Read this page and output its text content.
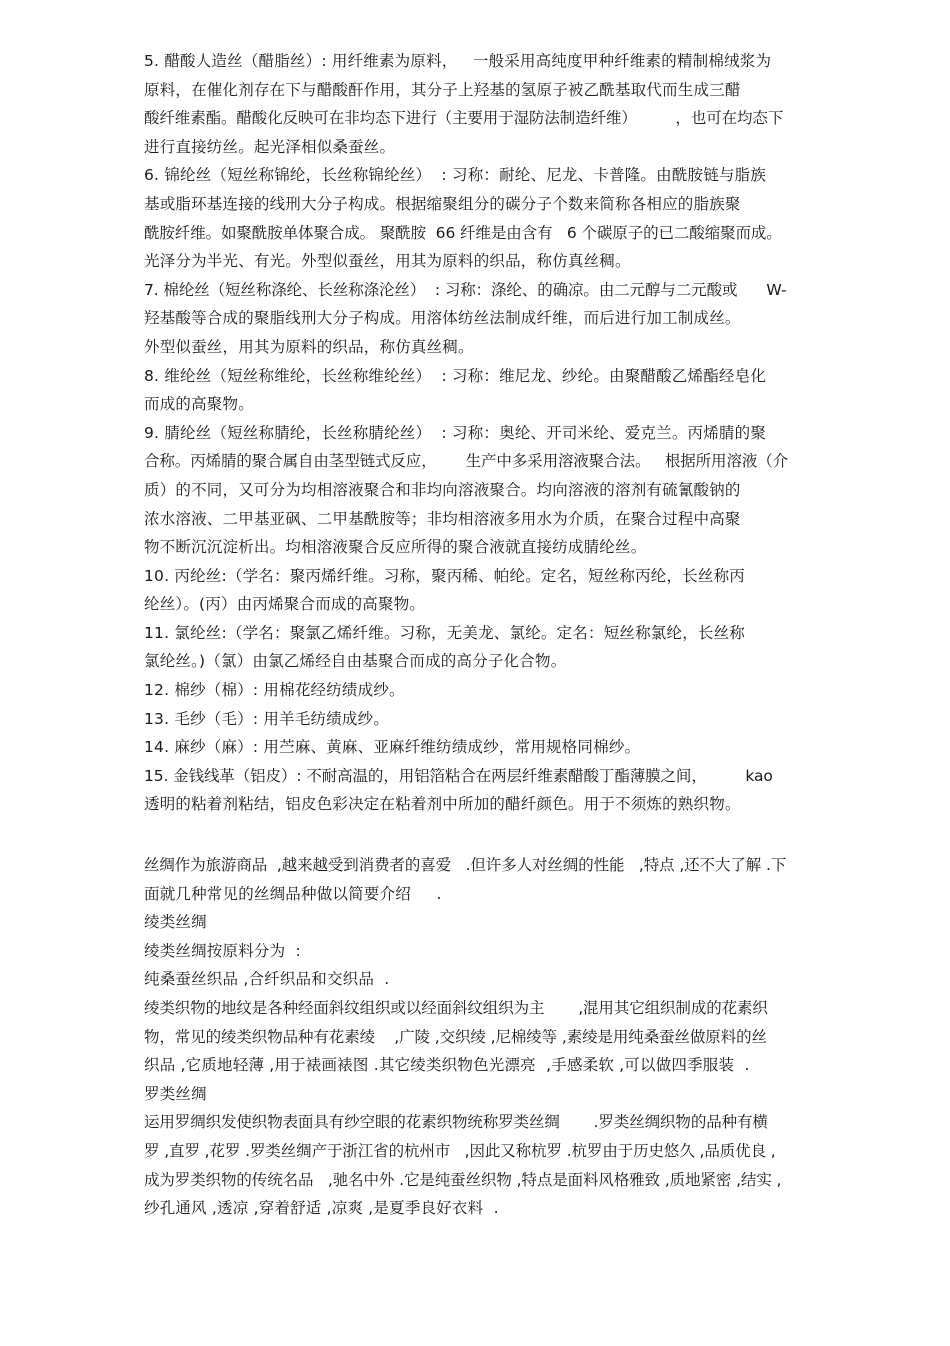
5. 醋酸人造丝（醋脂丝）: 用纤维素为原料，   一般采用高纯度甲种纤维素的精制棉绒浆为
原料，在催化剂存在下与醋酸酐作用，其分子上羟基的氢原子被乙酰基取代而生成三醋
酸纤维素酯。醋酸化反映可在非均态下进行（主要用于湿防法制造纤维）        ，也可在均态下
进行直接纺丝。起光泽相似桑蚕丝。
6. 锦纶丝（短丝称锦纶，长丝称锦纶丝）  : 习称：耐纶、尼龙、卡普隆。由酰胺链与脂族
基或脂环基连接的线刑大分子构成。根据缩聚组分的碳分子个数来简称各相应的脂族聚
酰胺纤维。如聚酰胺单体聚合成。 聚酰胺  66 纤维是由含有   6 个碳原子的已二酸缩聚而成。
光泽分为半光、有光。外型似蚕丝，用其为原料的织品，称仿真丝稠。
7. 棉纶丝（短丝称涤纶、长丝称涤沦丝）  : 习称：涤纶、的确凉。由二元醇与二元酸或      W-
羟基酸等合成的聚脂线刑大分子构成。用溶体纺丝法制成纤维，而后进行加工制成丝。
外型似蚕丝，用其为原料的织品，称仿真丝稠。
8. 维纶丝（短丝称维纶，长丝称维纶丝）  : 习称：维尼龙、纱纶。由聚醋酸乙烯酯经皂化
而成的高聚物。
9. 腈纶丝（短丝称腈纶，长丝称腈纶丝）  : 习称：奥纶、开司米纶、爱克兰。丙烯腈的聚
合称。丙烯腈的聚合属自由茎型链式反应，      生产中多采用溶液聚合法。   根据所用溶液（介
质）的不同，又可分为均相溶液聚合和非均向溶液聚合。均向溶液的溶剂有硫氰酸钠的
浓水溶液、二甲基亚砜、二甲基酰胺等；非均相溶液多用水为介质，在聚合过程中高聚
物不断沉沉淀析出。均相溶液聚合反应所得的聚合液就直接纺成腈纶丝。
10. 丙纶丝:（学名：聚丙烯纤维。习称，聚丙稀、帕纶。定名，短丝称丙纶，长丝称丙
纶丝）。(丙）由丙烯聚合而成的高聚物。
11. 氯纶丝:（学名：聚氯乙烯纤维。习称，无美龙、氯纶。定名：短丝称氯纶，长丝称
氯纶丝。)（氯）由氯乙烯经自由基聚合而成的高分子化合物。
12. 棉纱（棉）: 用棉花经纺绩成纱。
13. 毛纱（毛）: 用羊毛纺绩成纱。
14. 麻纱（麻）: 用苎麻、黄麻、亚麻纤维纺绩成纱，常用规格同棉纱。
15. 金钱线革（铝皮）: 不耐高温的，用铝箔粘合在两层纤维素醋酸丁酯薄膜之间，        kao
透明的粘着剂粘结，铝皮色彩决定在粘着剂中所加的醋纤颜色。用于不须炼的熟织物。
丝绸作为旅游商品  ,越来越受到消费者的喜爱   .但许多人对丝绸的性能   ,特点 ,还不大了解 .下
面就几种常见的丝绸品种做以简要介绍     .
绫类丝绸
绫类丝绸按原料分为  :
纯桑蚕丝织品 ,合纤织品和交织品  .
绫类织物的地纹是各种经面斜纹组织或以经面斜纹组织为主       ,混用其它组织制成的花素织
物，常见的绫类织物品种有花素绫    ,广陵 ,交织绫 ,尼棉绫等 ,素绫是用纯桑蚕丝做原料的丝
织品 ,它质地轻薄 ,用于裱画裱图 .其它绫类织物色光漂亮  ,手感柔软 ,可以做四季服装  .
罗类丝绸
运用罗绸织发使织物表面具有纱空眼的花素织物统称罗类丝绸       .罗类丝绸织物的品种有横
罗 ,直罗 ,花罗 .罗类丝绸产于浙江省的杭州市   ,因此又称杭罗 .杭罗由于历史悠久 ,品质优良 ,
成为罗类织物的传统名品   ,驰名中外 .它是纯蚕丝织物 ,特点是面料风格雅致 ,质地紧密 ,结实 ,
纱孔通风 ,透凉 ,穿着舒适 ,凉爽 ,是夏季良好衣料  .
